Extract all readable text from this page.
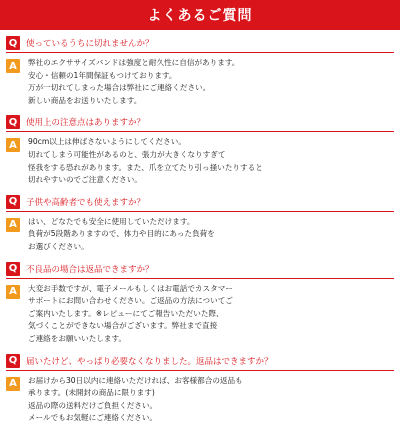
よくあるご質問
Q	使っているうちに切れませんか？
A	弊社のエクササイズバンドは強度と耐久性に自信があります。
安心・信頼の1年間保証もつけております。
万が一切れてしまった場合は弊社にご連絡ください。
新しい商品をお送りいたします。
Q	使用上の注意点はありますか？
A	90cm以上は伸ばさないようにしてください。
切れてしまう可能性があるのと、張力が大きくなりすぎて
怪我をする恐れがあります。また、爪を立てたり引っ掻いたりすると
切れやすいのでご注意ください。
Q	子供や高齢者でも使えますか？
A	はい、どなたでも安全に使用していただけます。
負荷が5段階ありますので、体力や目的にあった負荷を
お選びください。
Q	不良品の場合は返品できますか？
A	大変お手数ですが、電子メールもしくはお電話でカスタマー
サポートにお問い合わせください。ご返品の方法についてご
ご案内いたします。※レビューにてご報告いただいた際、
気づくことができない場合がございます。弊社まで直接
ご連絡をお願いいたします。
Q	届いたけど、やっぱり必要なくなりました。返品はできますか？
A	お届けから30日以内に連絡いただければ、お客様都合の返品も
承ります。(未開封の商品に限ります)
返品の際の送料だけご負担ください。
メールでもお気軽にご連絡ください。
